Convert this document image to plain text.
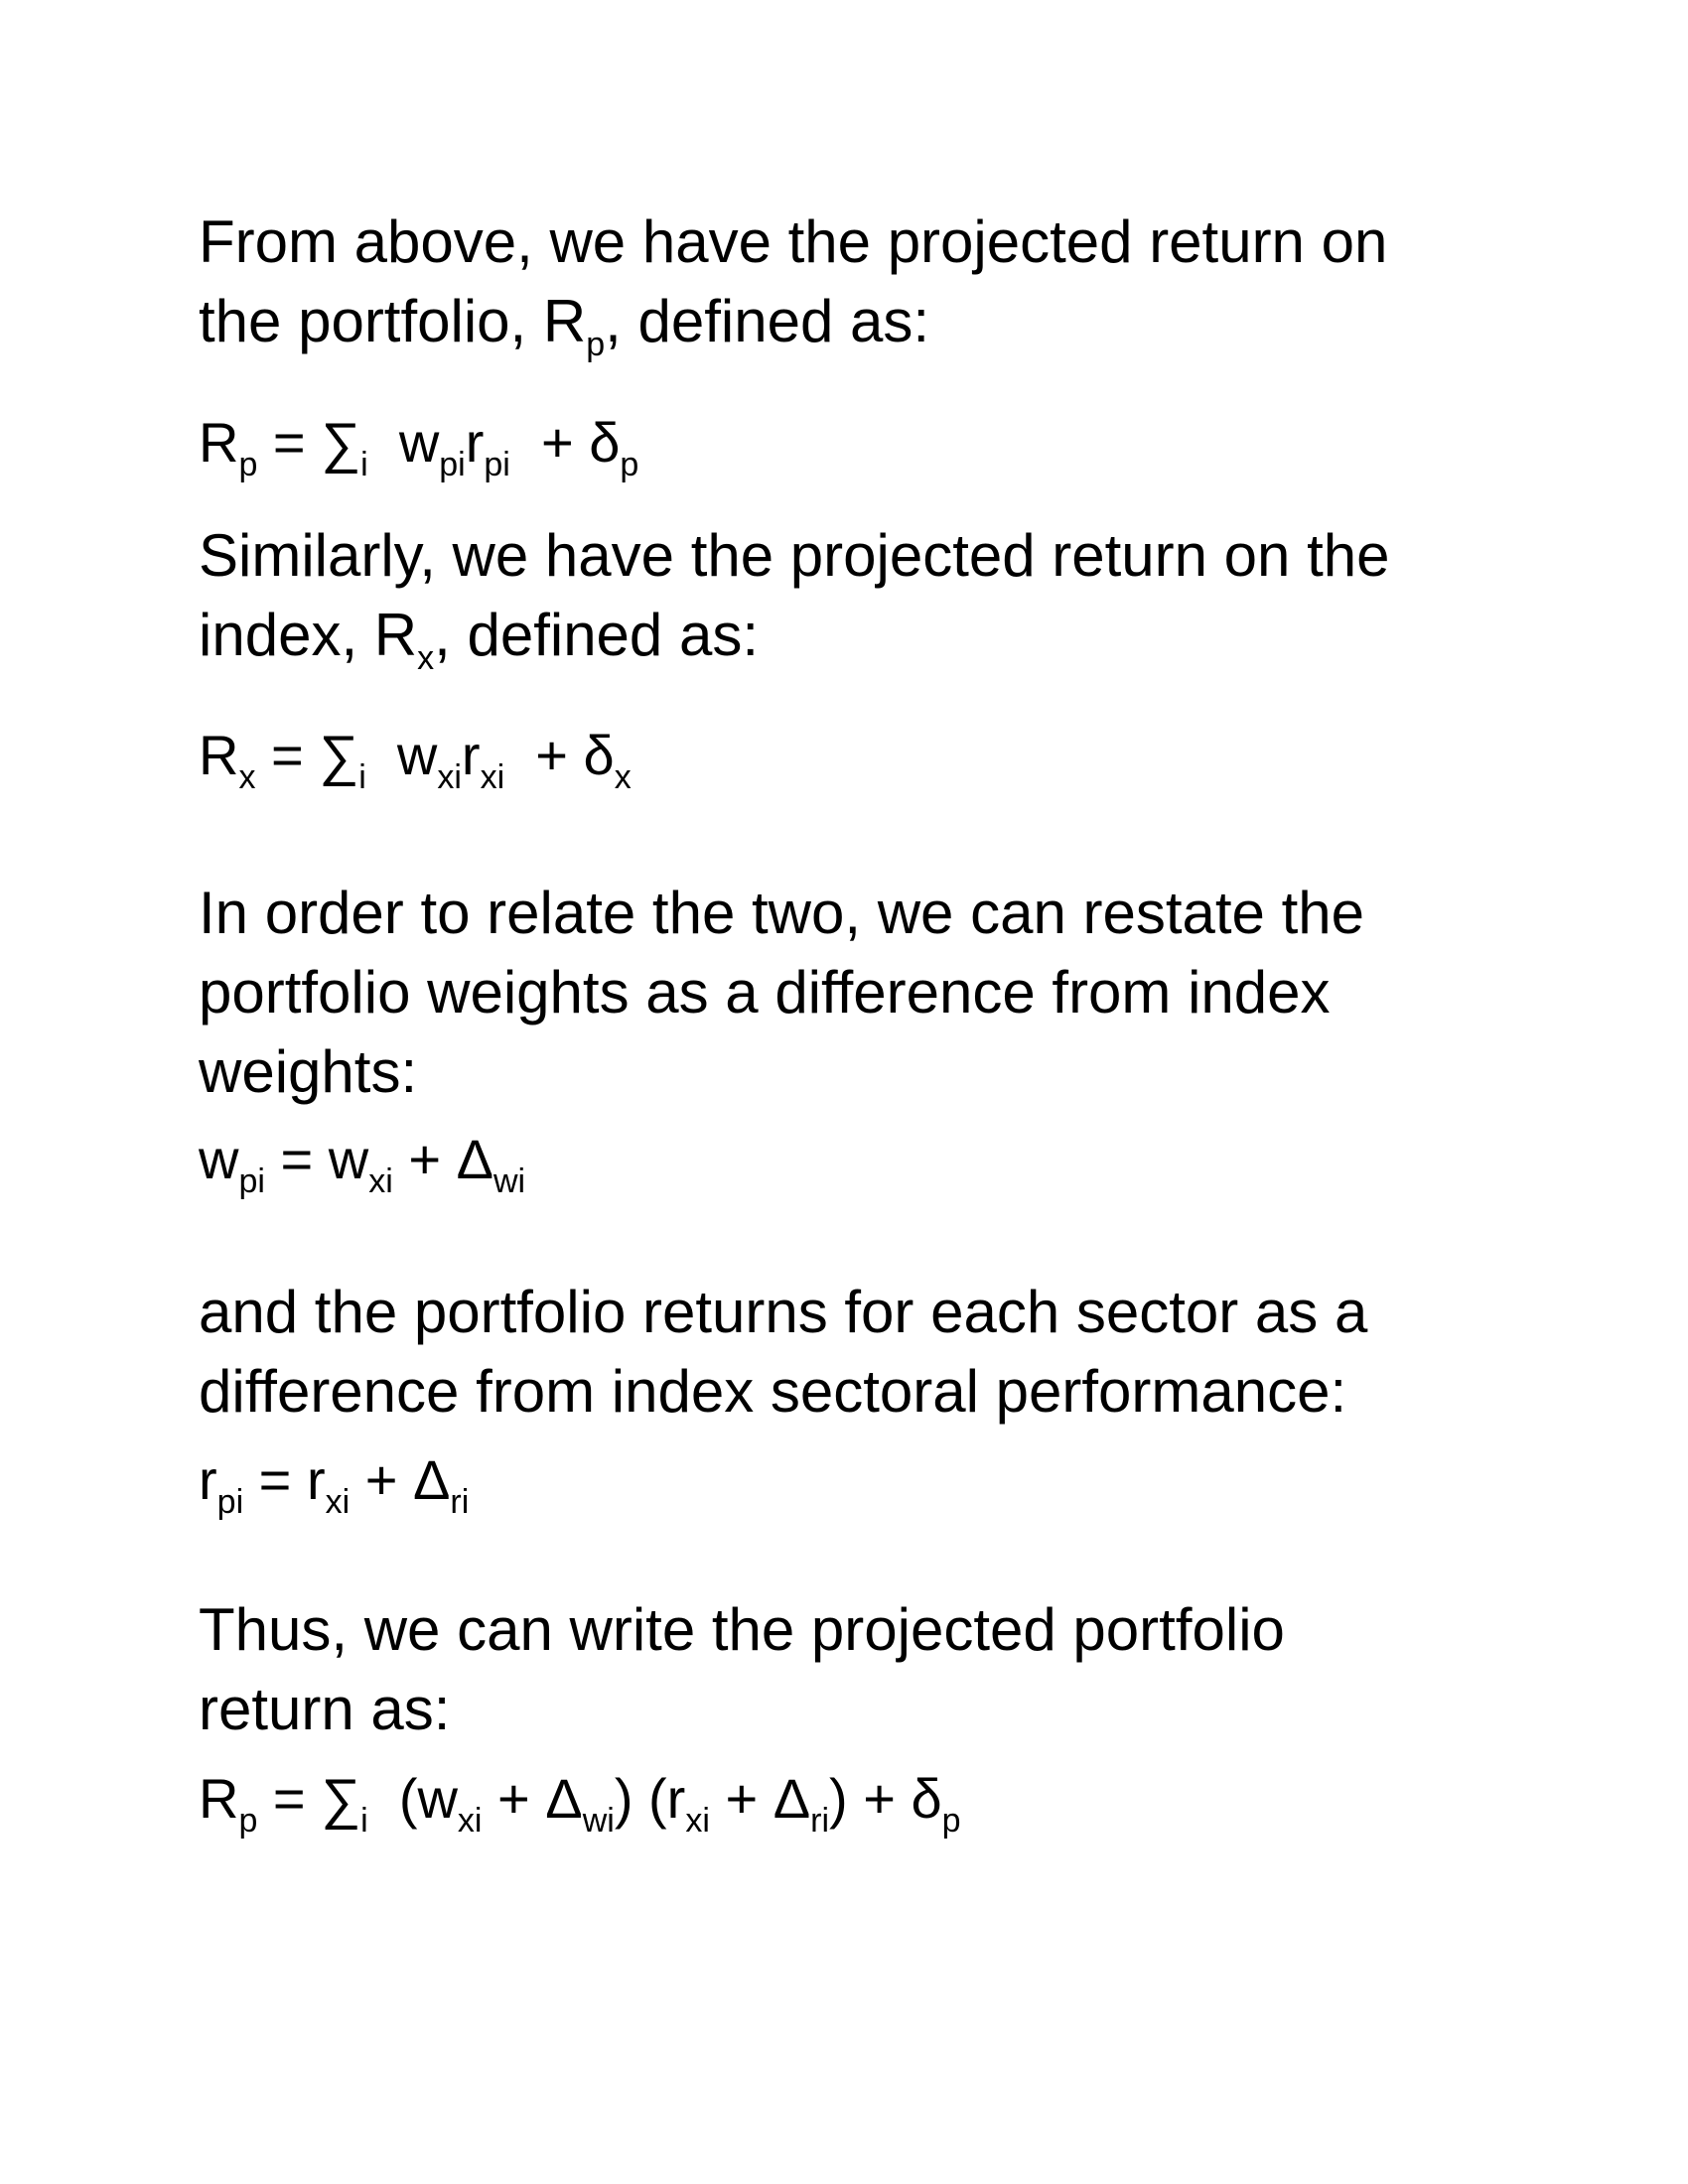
From above, we have the projected return on
the portfolio, $R_p$, defined as:
$R_p = \sum_i$ $w_{pi}r_{pi} + \delta_p$
Similarly, we have the projected return on the
index, $R_x$, defined as:
$R_x = \sum_i$ $w_{xi}r_{xi} + \delta_x$
In order to relate the two, we can restate the
portfolio weights as a difference from index
weights:
$w_{pi} = w_{xi} + \Delta_{wi}$
and the portfolio returns for each sector as a
difference from index sectoral performance:
$r_{pi} = r_{xi} + \Delta_{ri}$
Thus, we can write the projected portfolio
return as:
$R_p = \sum_i$ $(w_{xi} + \Delta_{wi}) (r_{xi} + \Delta_{ri}) + \delta_p$
